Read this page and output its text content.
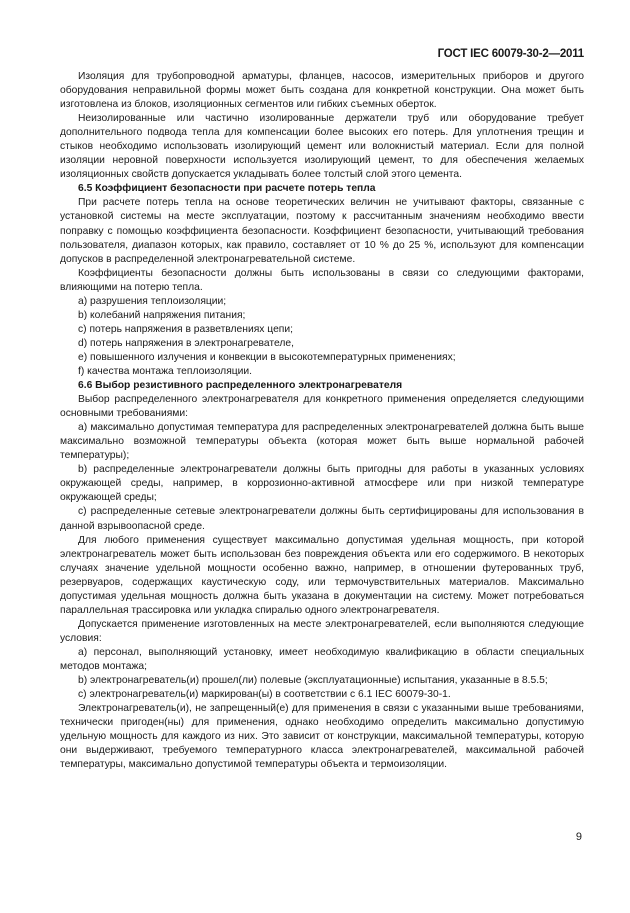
ГОСТ IEC 60079-30-2—2011

Изоляция для трубопроводной арматуры, фланцев, насосов, измерительных приборов и другого оборудования неправильной формы может быть создана для конкретной конструкции. Она может быть изготовлена из блоков, изоляционных сегментов или гибких съемных оберток.

Неизолированные или частично изолированные держатели труб или оборудование требует дополнительного подвода тепла для компенсации более высоких его потерь. Для уплотнения трещин и стыков необходимо использовать изолирующий цемент или волокнистый материал. Если для полной изоляции неровной поверхности используется изолирующий цемент, то для обеспечения желаемых изоляционных свойств допускается укладывать более толстый слой этого цемента.

6.5 Коэффициент безопасности при расчете потерь тепла

При расчете потерь тепла на основе теоретических величин не учитывают факторы, связанные с установкой системы на месте эксплуатации, поэтому к рассчитанным значениям необходимо ввести поправку с помощью коэффициента безопасности. Коэффициент безопасности, учитывающий требования пользователя, диапазон которых, как правило, составляет от 10 % до 25 %, используют для компенсации допусков в распределенной электронагревательной системе.

Коэффициенты безопасности должны быть использованы в связи со следующими факторами, влияющими на потерю тепла.

a) разрушения теплоизоляции;

b) колебаний напряжения питания;

c) потерь напряжения в разветвлениях цепи;

d) потерь напряжения в электронагревателе,

e) повышенного излучения и конвекции в высокотемпературных применениях;

f) качества монтажа теплоизоляции.

6.6 Выбор резистивного распределенного электронагревателя

Выбор распределенного электронагревателя для конкретного применения определяется следующими основными требованиями:

a) максимально допустимая температура для распределенных электронагревателей должна быть выше максимально возможной температуры объекта (которая может быть выше нормальной рабочей температуры);

b) распределенные электронагреватели должны быть пригодны для работы в указанных условиях окружающей среды, например, в коррозионно-активной атмосфере или при низкой температуре окружающей среды;

c) распределенные сетевые электронагреватели должны быть сертифицированы для использования в данной взрывоопасной среде.

Для любого применения существует максимально допустимая удельная мощность, при которой электронагреватель может быть использован без повреждения объекта или его содержимого. В некоторых случаях значение удельной мощности особенно важно, например, в отношении футерованных труб, резервуаров, содержащих каустическую соду, или термочувствительных материалов. Максимально допустимая удельная мощность должна быть указана в документации на систему. Может потребоваться параллельная трассировка или укладка спиралью одного электронагревателя.

Допускается применение изготовленных на месте электронагревателей, если выполняются следующие условия:

a) персонал, выполняющий установку, имеет необходимую квалификацию в области специальных методов монтажа;

b) электронагреватель(и) прошел(ли) полевые (эксплуатационные) испытания, указанные в 8.5.5;

c) электронагреватель(и) маркирован(ы) в соответствии с 6.1 IEC 60079-30-1.

Электронагреватель(и), не запрещенный(е) для применения в связи с указанными выше требованиями, технически пригоден(ны) для применения, однако необходимо определить максимально допустимую удельную мощность для каждого из них. Это зависит от конструкции, максимальной температуры, которую они выдерживают, требуемого температурного класса электронагревателей, максимальной рабочей температуры, максимально допустимой температуры объекта и термоизоляции.

9
